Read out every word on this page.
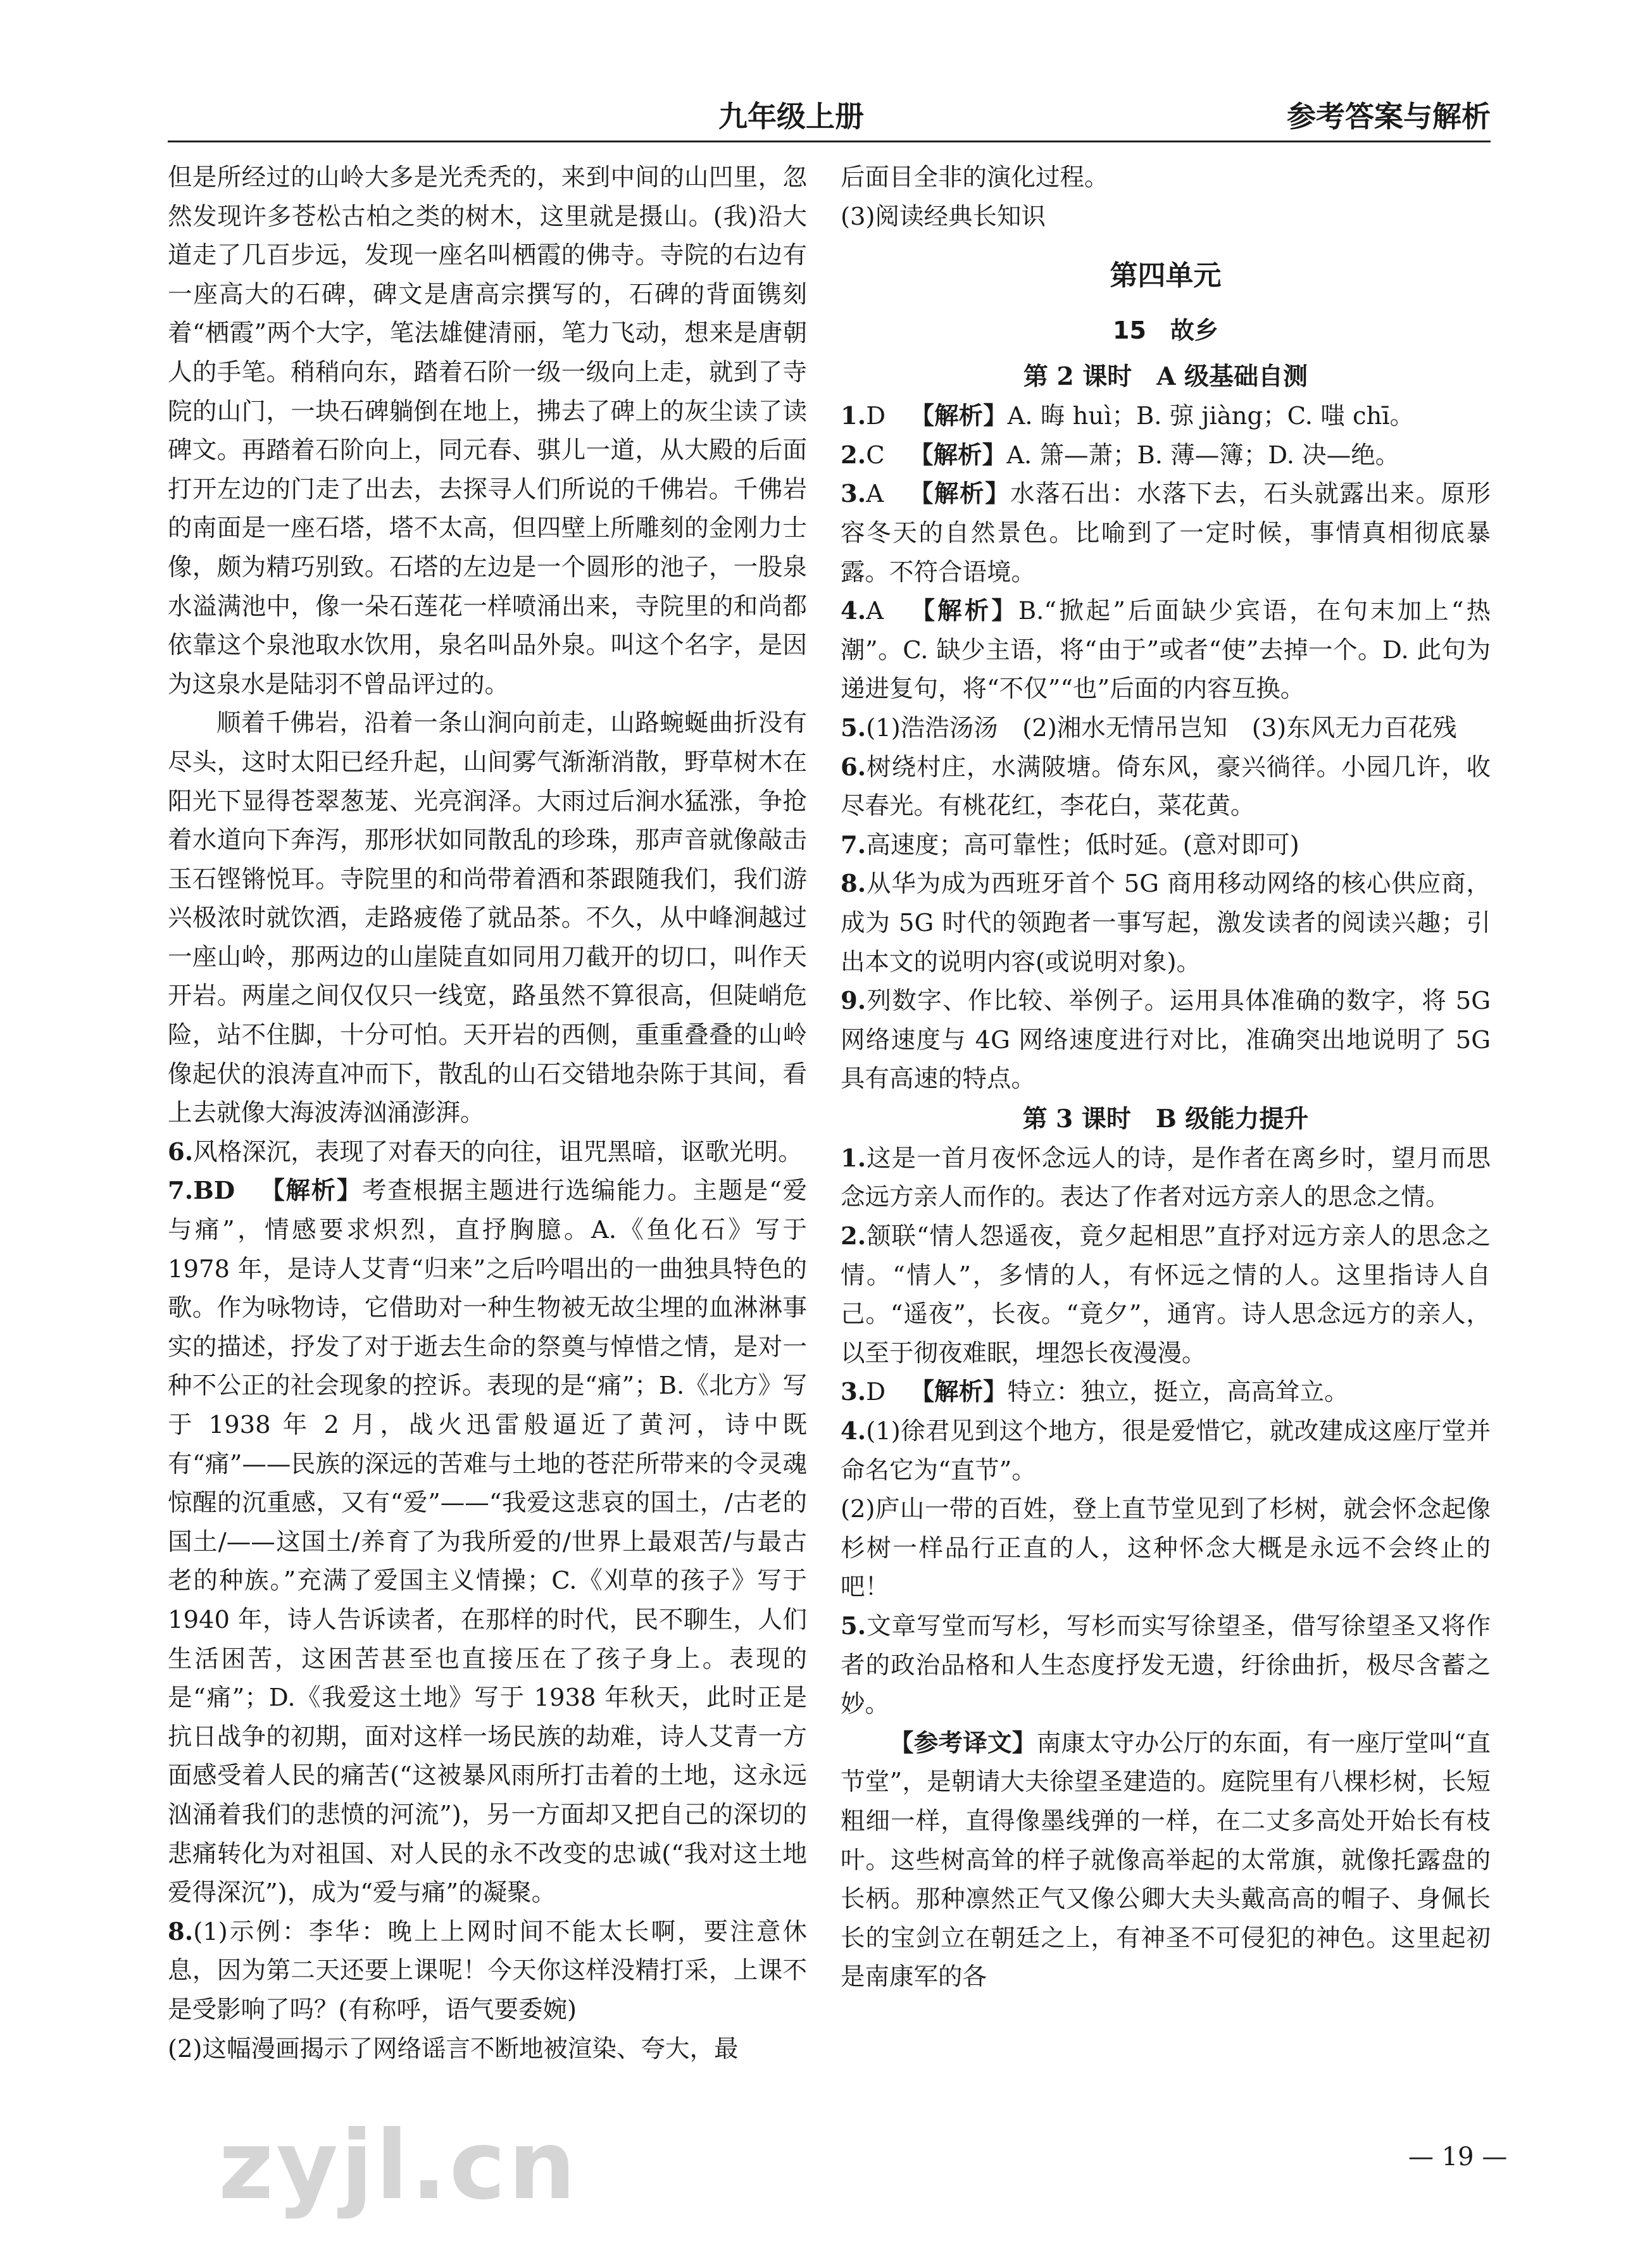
九年级上册	参考答案与解析

但是所经过的山岭大多是光秃秃的，来到中间的山凹里，忽然发现许多苍松古柏之类的树木，这里就是摄山。(我)沿大道走了几百步远，发现一座名叫栖霞的佛寺。寺院的右边有一座高大的石碑，碑文是唐高宗撰写的，石碑的背面镌刻着“栖霞”两个大字，笔法雄健清丽，笔力飞动，想来是唐朝人的手笔。稍稍向东，踏着石阶一级一级向上走，就到了寺院的山门，一块石碑躺倒在地上，拂去了碑上的灰尘读了读碑文。再踏着石阶向上，同元春、骐儿一道，从大殿的后面打开左边的门走了出去，去探寻人们所说的千佛岩。千佛岩的南面是一座石塔，塔不太高，但四壁上所雕刻的金刚力士像，颇为精巧别致。石塔的左边是一个圆形的池子，一股泉水溢满池中，像一朵石莲花一样喷涌出来，寺院里的和尚都依靠这个泉池取水饮用，泉名叫品外泉。叫这个名字，是因为这泉水是陆羽不曾品评过的。

顺着千佛岩，沿着一条山涧向前走，山路蜿蜒曲折没有尽头，这时太阳已经升起，山间雾气渐渐消散，野草树木在阳光下显得苍翠葱茏、光亮润泽。大雨过后涧水猛涨，争抢着水道向下奔泻，那形状如同散乱的珍珠，那声音就像敲击玉石铿锵悦耳。寺院里的和尚带着酒和茶跟随我们，我们游兴极浓时就饮酒，走路疲倦了就品茶。不久，从中峰涧越过一座山岭，那两边的山崖陡直如同用刀截开的切口，叫作天开岩。两崖之间仅仅只一线宽，路虽然不算很高，但陡峭危险，站不住脚，十分可怕。天开岩的西侧，重重叠叠的山岭像起伏的浪涛直冲而下，散乱的山石交错地杂陈于其间，看上去就像大海波涛汹涌澎湃。

6.风格深沉，表现了对春天的向往，诅咒黑暗，讴歌光明。

7.BD  【解析】考查根据主题进行选编能力。主题是“爱与痛”，情感要求炽烈，直抒胸臆。A.《鱼化石》写于 1978 年，是诗人艾青“归来”之后吟唱出的一曲独具特色的歌。作为咏物诗，它借助对一种生物被无故尘埋的血淋淋事实的描述，抒发了对于逝去生命的祭奠与悼惜之情，是对一种不公正的社会现象的控诉。表现的是“痛”；B.《北方》写于 1938 年 2 月，战火迅雷般逼近了黄河，诗中既有“痛”——民族的深远的苦难与土地的苍茫所带来的令灵魂惊醒的沉重感，又有“爱”——“我爱这悲哀的国土，/古老的国土/——这国土/养育了为我所爱的/世界上最艰苦/与最古老的种族。”充满了爱国主义情操；C.《刈草的孩子》写于 1940 年，诗人告诉读者，在那样的时代，民不聊生，人们生活困苦，这困苦甚至也直接压在了孩子身上。表现的是“痛”；D.《我爱这土地》写于 1938 年秋天，此时正是抗日战争的初期，面对这样一场民族的劫难，诗人艾青一方面感受着人民的痛苦(“这被暴风雨所打击着的土地，这永远汹涌着我们的悲愤的河流”)，另一方面却又把自己的深切的悲痛转化为对祖国、对人民的永不改变的忠诚(“我对这土地爱得深沉”)，成为“爱与痛”的凝聚。

8.(1)示例：李华：晚上上网时间不能太长啊，要注意休息，因为第二天还要上课呢！今天你这样没精打采，上课不是受影响了吗？(有称呼，语气要委婉)

(2)这幅漫画揭示了网络谣言不断地被渲染、夸大，最

后面目全非的演化过程。

(3)阅读经典长知识

第四单元
15　故乡
第 2 课时　A 级基础自测

1.D  【解析】A. 晦 huì；B. 弶 jiàng；C. 嗤 chī。

2.C  【解析】A. 箫—萧；B. 薄—簿；D. 决—绝。

3.A  【解析】水落石出：水落下去，石头就露出来。原形容冬天的自然景色。比喻到了一定时候，事情真相彻底暴露。不符合语境。

4.A  【解析】B.“掀起”后面缺少宾语，在句末加上“热潮”。C. 缺少主语，将“由于”或者“使”去掉一个。D. 此句为递进复句，将“不仅”“也”后面的内容互换。

5.(1)浩浩汤汤　(2)湘水无情吊岂知　(3)东风无力百花残

6.树绕村庄，水满陂塘。倚东风，豪兴徜徉。小园几许，收尽春光。有桃花红，李花白，菜花黄。

7.高速度；高可靠性；低时延。(意对即可)

8.从华为成为西班牙首个 5G 商用移动网络的核心供应商，成为 5G 时代的领跑者一事写起，激发读者的阅读兴趣；引出本文的说明内容(或说明对象)。

9.列数字、作比较、举例子。运用具体准确的数字，将 5G 网络速度与 4G 网络速度进行对比，准确突出地说明了 5G 具有高速的特点。

第 3 课时　B 级能力提升

1.这是一首月夜怀念远人的诗，是作者在离乡时，望月而思念远方亲人而作的。表达了作者对远方亲人的思念之情。

2.颔联“情人怨遥夜，竟夕起相思”直抒对远方亲人的思念之情。“情人”，多情的人，有怀远之情的人。这里指诗人自己。“遥夜”，长夜。“竟夕”，通宵。诗人思念远方的亲人，以至于彻夜难眠，埋怨长夜漫漫。

3.D  【解析】特立：独立，挺立，高高耸立。

4.(1)徐君见到这个地方，很是爱惜它，就改建成这座厅堂并命名它为“直节”。

(2)庐山一带的百姓，登上直节堂见到了杉树，就会怀念起像杉树一样品行正直的人，这种怀念大概是永远不会终止的吧！

5.文章写堂而写杉，写杉而实写徐望圣，借写徐望圣又将作者的政治品格和人生态度抒发无遗，纡徐曲折，极尽含蓄之妙。

【参考译文】南康太守办公厅的东面，有一座厅堂叫“直节堂”，是朝请大夫徐望圣建造的。庭院里有八棵杉树，长短粗细一样，直得像墨线弹的一样，在二丈多高处开始长有枝叶。这些树高耸的样子就像高举起的太常旗，就像托露盘的长柄。那种凛然正气又像公卿大夫头戴高高的帽子、身佩长长的宝剑立在朝廷之上，有神圣不可侵犯的神色。这里起初是南康军的各

zyjl.cn	— 19 —
